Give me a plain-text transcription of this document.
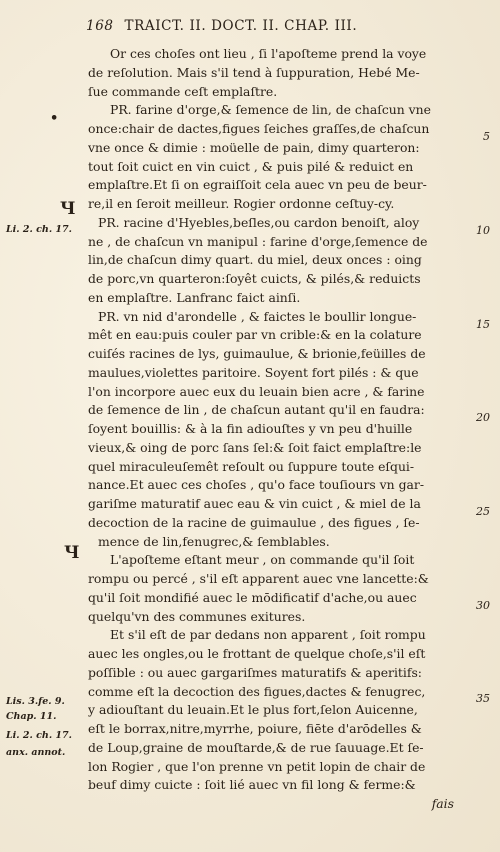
168 TRAICT. II. DOCT. II. CHAP. III.
Or ces choſes ont lieu , ſi l'apoſteme prend la voye
de reſolution. Mais s'il tend à ſuppuration, Hebé Me-
ſue commande ceſt emplaſtre.
PR. farine d'orge,& ſemence de lin, de chaſcun vne
once:chair de dactes,figues ſeiches graſſes,de chaſcun
vne once & dimie : moüelle de pain, dimy quarteron:
tout ſoit cuict en vin cuict , & puis pilé & reduict en
emplaſtre.Et ſi on egraiſſoit cela auec vn peu de beur-
re,il en ſeroit meilleur. Rogier ordonne ceſtuy-cy.
PR. racine d'Hyebles,beſles,ou cardon benoiſt, aloy
ne , de chaſcun vn manipul : farine d'orge,ſemence de
lin,de chaſcun dimy quart. du miel, deux onces : oing
de porc,vn quarteron:ſoyêt cuicts, & pilés,& reduicts
en emplaſtre. Lanfranc faict ainſi.
PR. vn nid d'arondelle , & faictes le boullir longue-
mêt en eau:puis couler par vn crible:& en la colature
cuiſés racines de lys, guimaulue, & brionie,feüilles de
maulues,violettes paritoire. Soyent fort pilés : & que
l'on incorpore auec eux du leuain bien acre , & farine
de ſemence de lin , de chaſcun autant qu'il en faudra:
ſoyent bouillis: & à la fin adiouſtes y vn peu d'huille
vieux,& oing de porc ſans ſel:& ſoit faict emplaſtre:le
quel miraculeuſemêt reſoult ou ſuppure toute eſqui-
nance.Et auec ces choſes , qu'o face touſiours vn gar-
gariſme maturatif auec eau & vin cuict , & miel de la
decoction de la racine de guimaulue , des figues , ſe-
mence de lin,fenugrec,& ſemblables.
L'apoſteme eſtant meur , on commande qu'il ſoit
rompu ou percé , s'il eſt apparent auec vne lancette:&
qu'il ſoit mondifié auec le mōdificatif d'ache,ou auec
quelqu'vn des communes exitures.
Et s'il eſt de par dedans non apparent , ſoit rompu
auec les ongles,ou le frottant de quelque choſe,s'il eſt
poſſible : ou auec gargariſmes maturatifs & aperitifs:
comme eſt la decoction des figues,dactes & fenugrec,
y adiouſtant du leuain.Et le plus fort,ſelon Auicenne,
eſt le borrax,nitre,myrrhe, poiure, fiēte d'arōdelles &
de Loup,graine de mouſtarde,& de rue ſauuage.Et ſe-
lon Rogier , que l'on prenne vn petit lopin de chair de
beuf dimy cuicte : ſoit lié auec vn fil long & ferme:&
fais
5
10
15
20
25
30
35
Li. 2. ch. 17.
Lis. 3.fe. 9.
Chap. 11.
Li. 2. ch. 17.
anx. annot.
•
Ч
Ч
